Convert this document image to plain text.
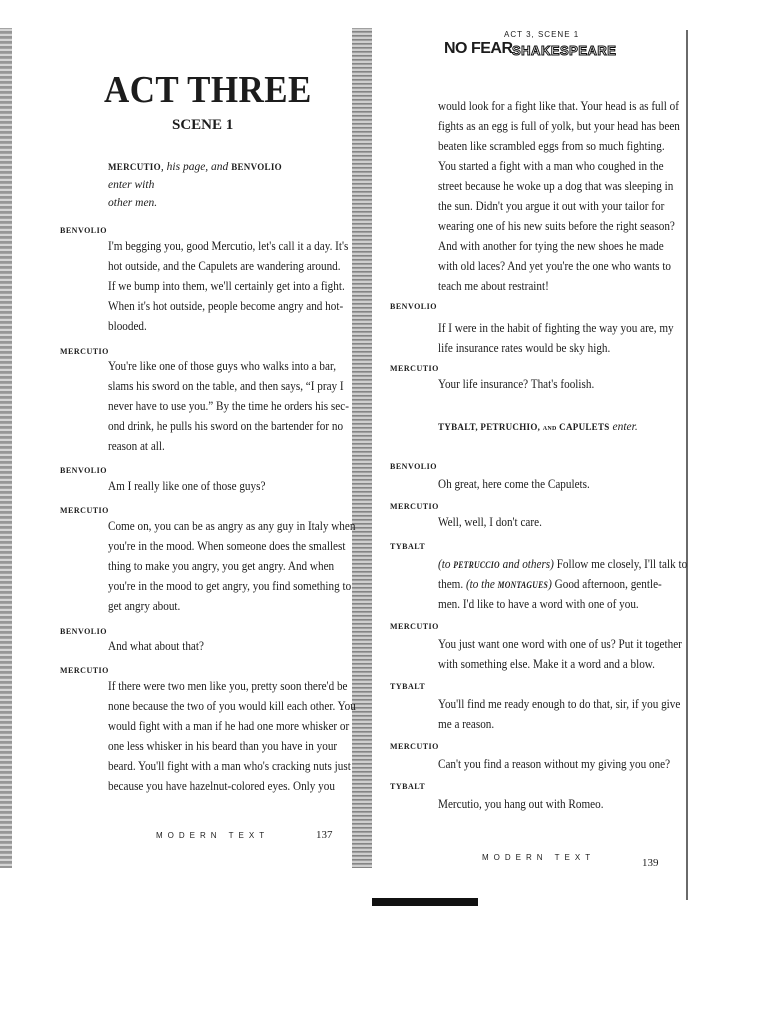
ACT THREE
SCENE 1
MERCUTIO, his page, and BENVOLIO enter with
other men.
BENVOLIO
I'm begging you, good Mercutio, let's call it a day. It's
hot outside, and the Capulets are wandering around.
If we bump into them, we'll certainly get into a fight.
When it's hot outside, people become angry and hot-
blooded.
MERCUTIO
You're like one of those guys who walks into a bar,
slams his sword on the table, and then says, “I pray I
never have to use you.” By the time he orders his sec-
ond drink, he pulls his sword on the bartender for no
reason at all.
BENVOLIO
Am I really like one of those guys?
MERCUTIO
Come on, you can be as angry as any guy in Italy when
you're in the mood. When someone does the smallest
thing to make you angry, you get angry. And when
you're in the mood to get angry, you find something to
get angry about.
BENVOLIO
And what about that?
MERCUTIO
If there were two men like you, pretty soon there'd be
none because the two of you would kill each other. You
would fight with a man if he had one more whisker or
one less whisker in his beard than you have in your
beard. You'll fight with a man who's cracking nuts just
because you have hazelnut-colored eyes. Only you
MODERN TEXT	137
ACT 3, SCENE 1
NO FEAR SHAKESPEARE
would look for a fight like that. Your head is as full of
fights as an egg is full of yolk, but your head has been
beaten like scrambled eggs from so much fighting.
You started a fight with a man who coughed in the
street because he woke up a dog that was sleeping in
the sun. Didn't you argue it out with your tailor for
wearing one of his new suits before the right season?
And with another for tying the new shoes he made
with old laces? And yet you're the one who wants to
teach me about restraint!
BENVOLIO
If I were in the habit of fighting the way you are, my
life insurance rates would be sky high.
MERCUTIO
Your life insurance? That's foolish.
TYBALT, PETRUCHIO, and CAPULETS enter.
BENVOLIO
Oh great, here come the Capulets.
MERCUTIO
Well, well, I don't care.
TYBALT
(to PETRUCCIO and others) Follow me closely, I'll talk to
them. (to the MONTAGUES) Good afternoon, gentle-
men. I'd like to have a word with one of you.
MERCUTIO
You just want one word with one of us? Put it together
with something else. Make it a word and a blow.
TYBALT
You'll find me ready enough to do that, sir, if you give
me a reason.
MERCUTIO
Can't you find a reason without my giving you one?
TYBALT
Mercutio, you hang out with Romeo.
MODERN TEXT	139
